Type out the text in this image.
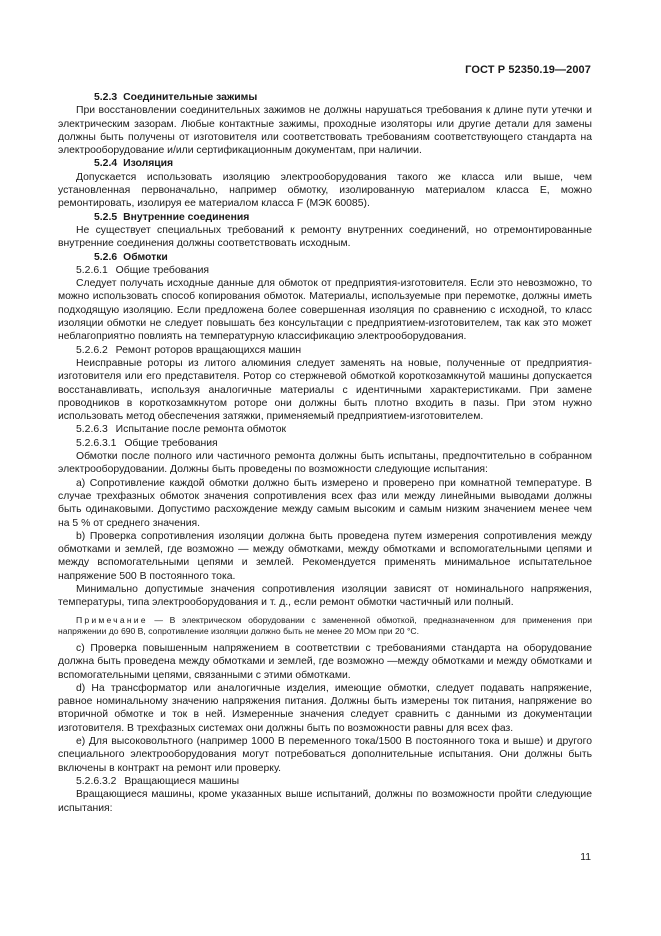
ГОСТ Р 52350.19—2007

5.2.3 Соединительные зажимы

При восстановлении соединительных зажимов не должны нарушаться требования к длине пути утечки и электрическим зазорам. Любые контактные зажимы, проходные изоляторы или другие детали для замены должны быть получены от изготовителя или соответствовать требованиям соответствующего стандарта на электрооборудование и/или сертификационным документам, при наличии.

5.2.4 Изоляция

Допускается использовать изоляцию электрооборудования такого же класса или выше, чем установленная первоначально, например обмотку, изолированную материалом класса Е, можно ремонтировать, изолируя ее материалом класса F (МЭК 60085).

5.2.5 Внутренние соединения

Не существует специальных требований к ремонту внутренних соединений, но отремонтированные внутренние соединения должны соответствовать исходным.

5.2.6 Обмотки

5.2.6.1 Общие требования

Следует получать исходные данные для обмоток от предприятия-изготовителя. Если это невозможно, то можно использовать способ копирования обмоток. Материалы, используемые при перемотке, должны иметь подходящую изоляцию. Если предложена более совершенная изоляция по сравнению с исходной, то класс изоляции обмотки не следует повышать без консультации с предприятием-изготовителем, так как это может неблагоприятно повлиять на температурную классификацию электрооборудования.

5.2.6.2 Ремонт роторов вращающихся машин

Неисправные роторы из литого алюминия следует заменять на новые, полученные от предприятия-изготовителя или его представителя. Ротор со стержневой обмоткой короткозамкнутой машины допускается восстанавливать, используя аналогичные материалы с идентичными характеристиками. При замене проводников в короткозамкнутом роторе они должны быть плотно входить в пазы. При этом нужно использовать метод обеспечения затяжки, применяемый предприятием-изготовителем.

5.2.6.3 Испытание после ремонта обмоток

5.2.6.3.1 Общие требования

Обмотки после полного или частичного ремонта должны быть испытаны, предпочтительно в собранном электрооборудовании. Должны быть проведены по возможности следующие испытания:

а) Сопротивление каждой обмотки должно быть измерено и проверено при комнатной температуре. В случае трехфазных обмоток значения сопротивления всех фаз или между линейными выводами должны быть одинаковыми. Допустимо расхождение между самым высоким и самым низким значением менее чем на 5 % от среднего значения.

b) Проверка сопротивления изоляции должна быть проведена путем измерения сопротивления между обмотками и землей, где возможно — между обмотками, между обмотками и вспомогательными цепями и между вспомогательными цепями и землей. Рекомендуется применять минимальное испытательное напряжение 500 В постоянного тока.

Минимально допустимые значения сопротивления изоляции зависят от номинального напряжения, температуры, типа электрооборудования и т. д., если ремонт обмотки частичный или полный.

Примечание — В электрическом оборудовании с замененной обмоткой, предназначенном для применения при напряжении до 690 В, сопротивление изоляции должно быть не менее 20 МОм при 20 °C.

с) Проверка повышенным напряжением в соответствии с требованиями стандарта на оборудование должна быть проведена между обмотками и землей, где возможно —между обмотками и между обмотками и вспомогательными цепями, связанными с этими обмотками.

d) На трансформатор или аналогичные изделия, имеющие обмотки, следует подавать напряжение, равное номинальному значению напряжения питания. Должны быть измерены ток питания, напряжение во вторичной обмотке и ток в ней. Измеренные значения следует сравнить с данными из документации изготовителя. В трехфазных системах они должны быть по возможности равны для всех фаз.

е) Для высоковольтного (например 1000 В переменного тока/1500 В постоянного тока и выше) и другого специального электрооборудования могут потребоваться дополнительные испытания. Они должны быть включены в контракт на ремонт или проверку.

5.2.6.3.2 Вращающиеся машины

Вращающиеся машины, кроме указанных выше испытаний, должны по возможности пройти следующие испытания:

11
